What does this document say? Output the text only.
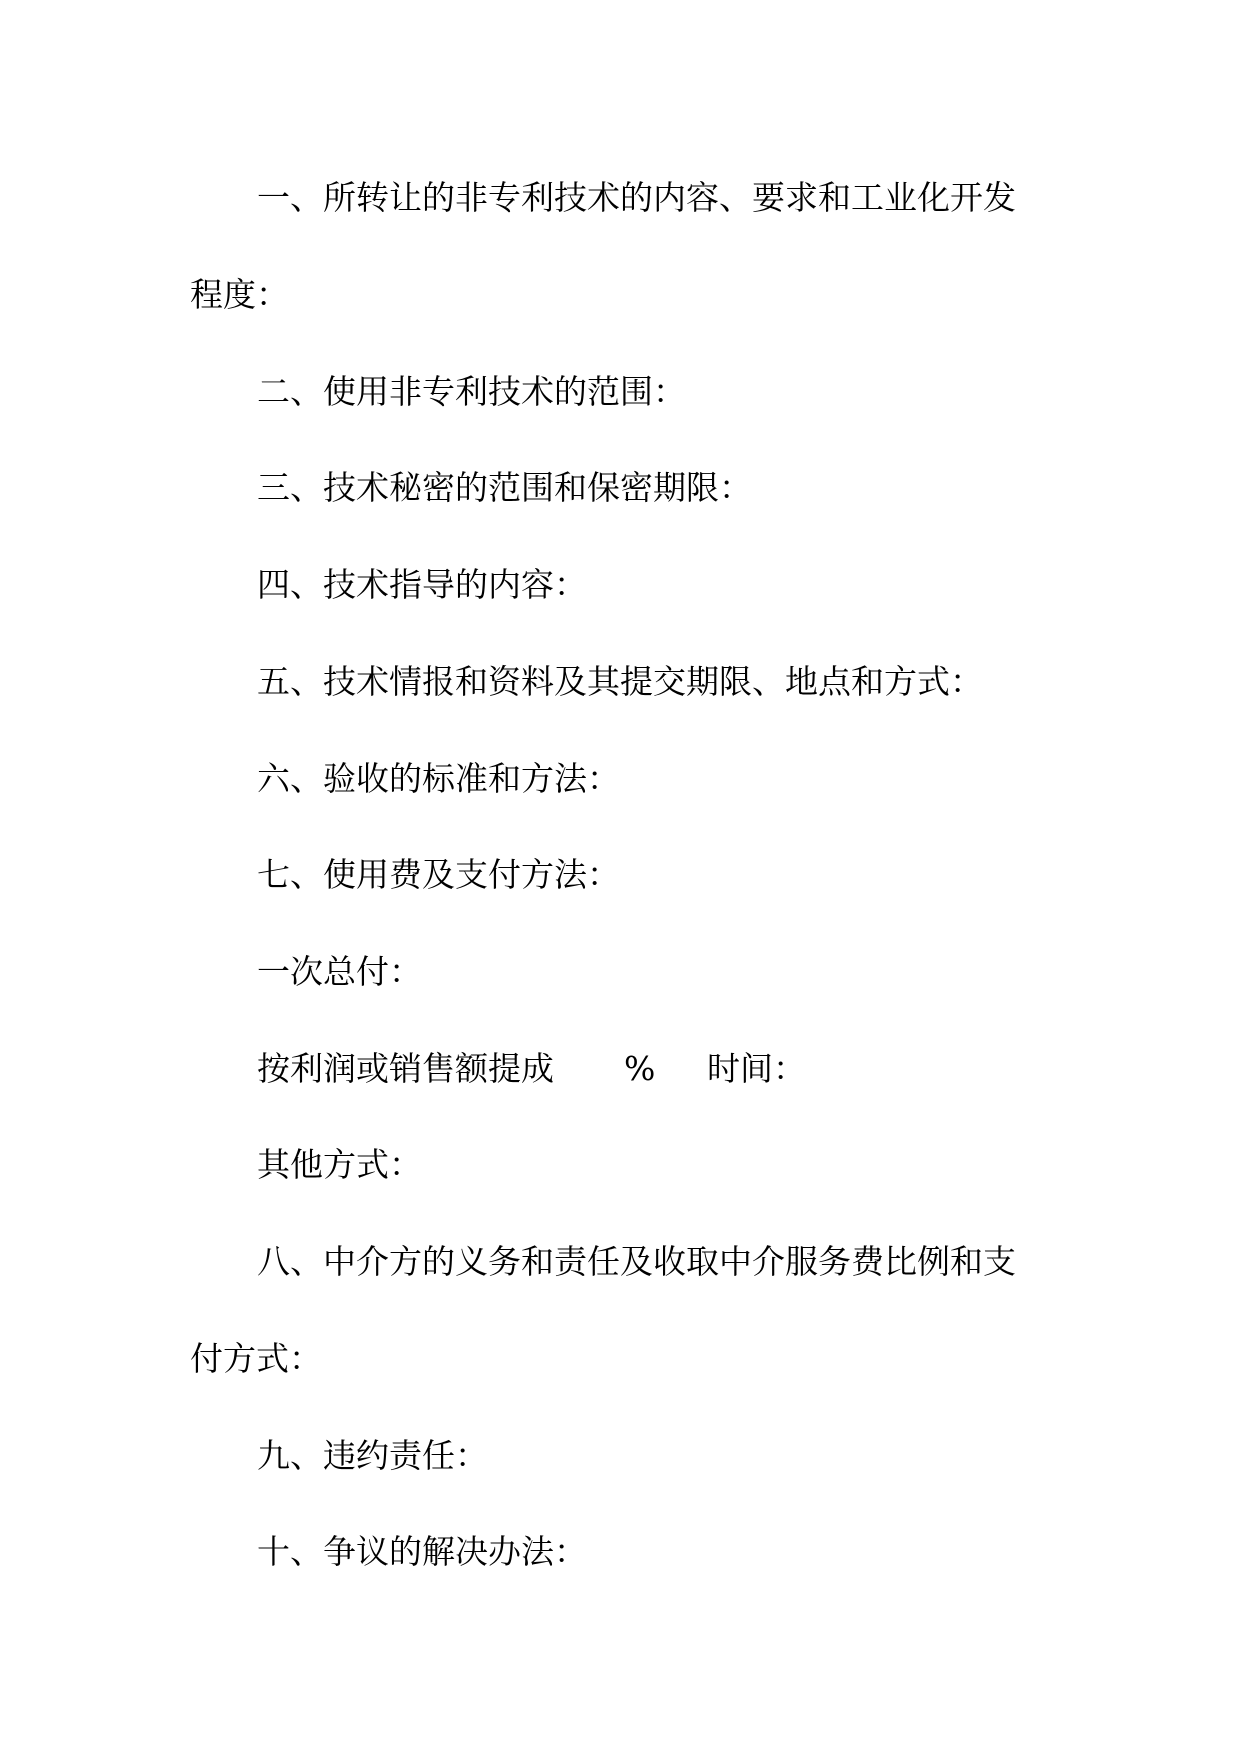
一、所转让的非专利技术的内容、要求和工业化开发
程度：
二、使用非专利技术的范围：
三、技术秘密的范围和保密期限：
四、技术指导的内容：
五、技术情报和资料及其提交期限、地点和方式：
六、验收的标准和方法：
七、使用费及支付方法：
一次总付：
按利润或销售额提成 % 时间：
其他方式：
八、中介方的义务和责任及收取中介服务费比例和支
付方式：
九、违约责任：
十、争议的解决办法：
